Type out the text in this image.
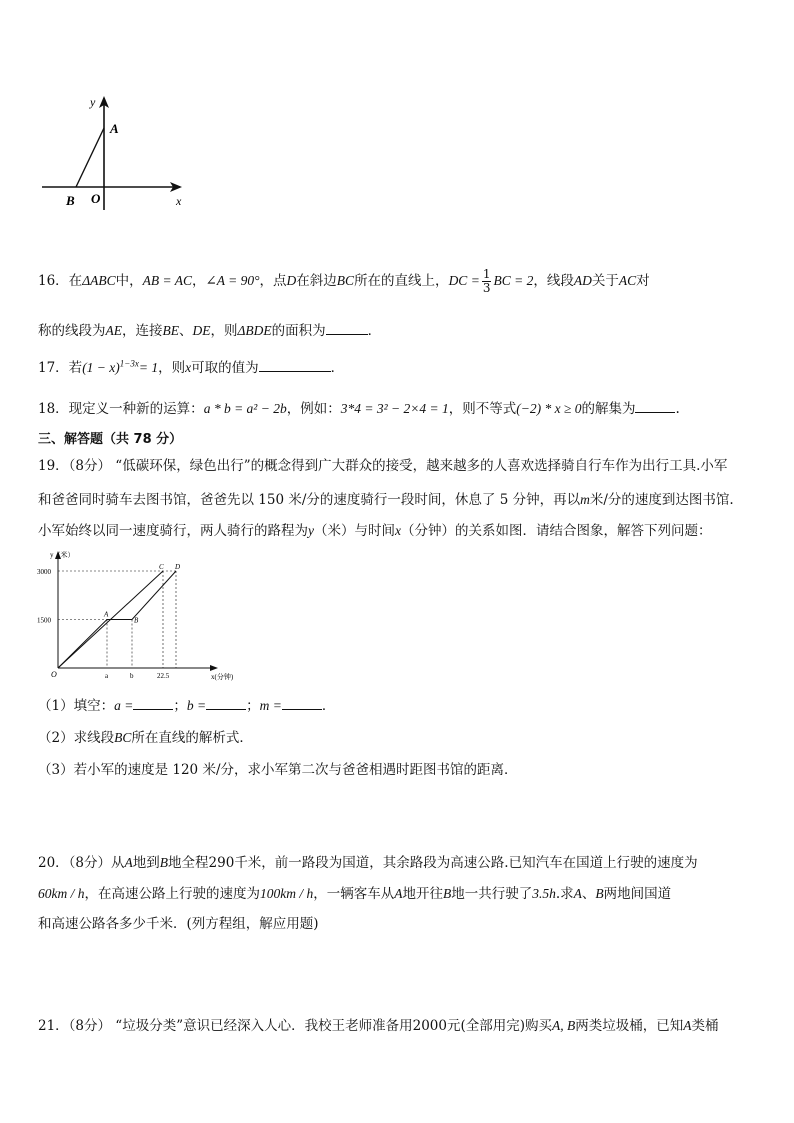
y
x
A
B O
16．在ΔABC中，AB = AC，∠A = 90°，点D在斜边BC所在的直线上，DC = $\frac{1}{3}$ BC = 2，线段AD关于AC对
称的线段为AE，连接BE、DE，则ΔBDE的面积为	．
17．若$(1 - x)^{1-3x}= 1$，则x可取的值为	．
18．现定义一种新的运算：a * b = a² − 2b，例如：3*4 = 3² − 2×4 = 1，则不等式(−2) * x ≥ 0的解集为	.
三、解答题（共 78 分）
19．（8分） “低碳环保，绿色出行”的概念得到广大群众的接受，越来越多的人喜欢选择骑自行车作为出行工具.小军
和爸爸同时骑车去图书馆，爸爸先以 150 米/分的速度骑行一段时间，休息了 5 分钟，再以m米/分的速度到达图书馆.
小军始终以同一速度骑行，两人骑行的路程为y（米）与时间x（分钟）的关系如图．请结合图象，解答下列问题：
y（米）
x(分钟)
O
3000
1500
a	b	22.5
A
B
C D
（1）填空：a =	；b =	；m =	．
（2）求线段BC所在直线的解析式．
（3）若小军的速度是 120 米/分，求小军第二次与爸爸相遇时距图书馆的距离．
20．（8分）从A地到B地全程290千米，前一路段为国道，其余路段为高速公路.已知汽车在国道上行驶的速度为
60km / h，在高速公路上行驶的速度为100km / h，一辆客车从A地开往B地一共行驶了3.5h.求A、B两地间国道
和高速公路各多少千米．(列方程组，解应用题)
21．（8分） “垃圾分类”意识已经深入人心．我校王老师准备用2000元(全部用完)购买A, B两类垃圾桶，已知A类桶
